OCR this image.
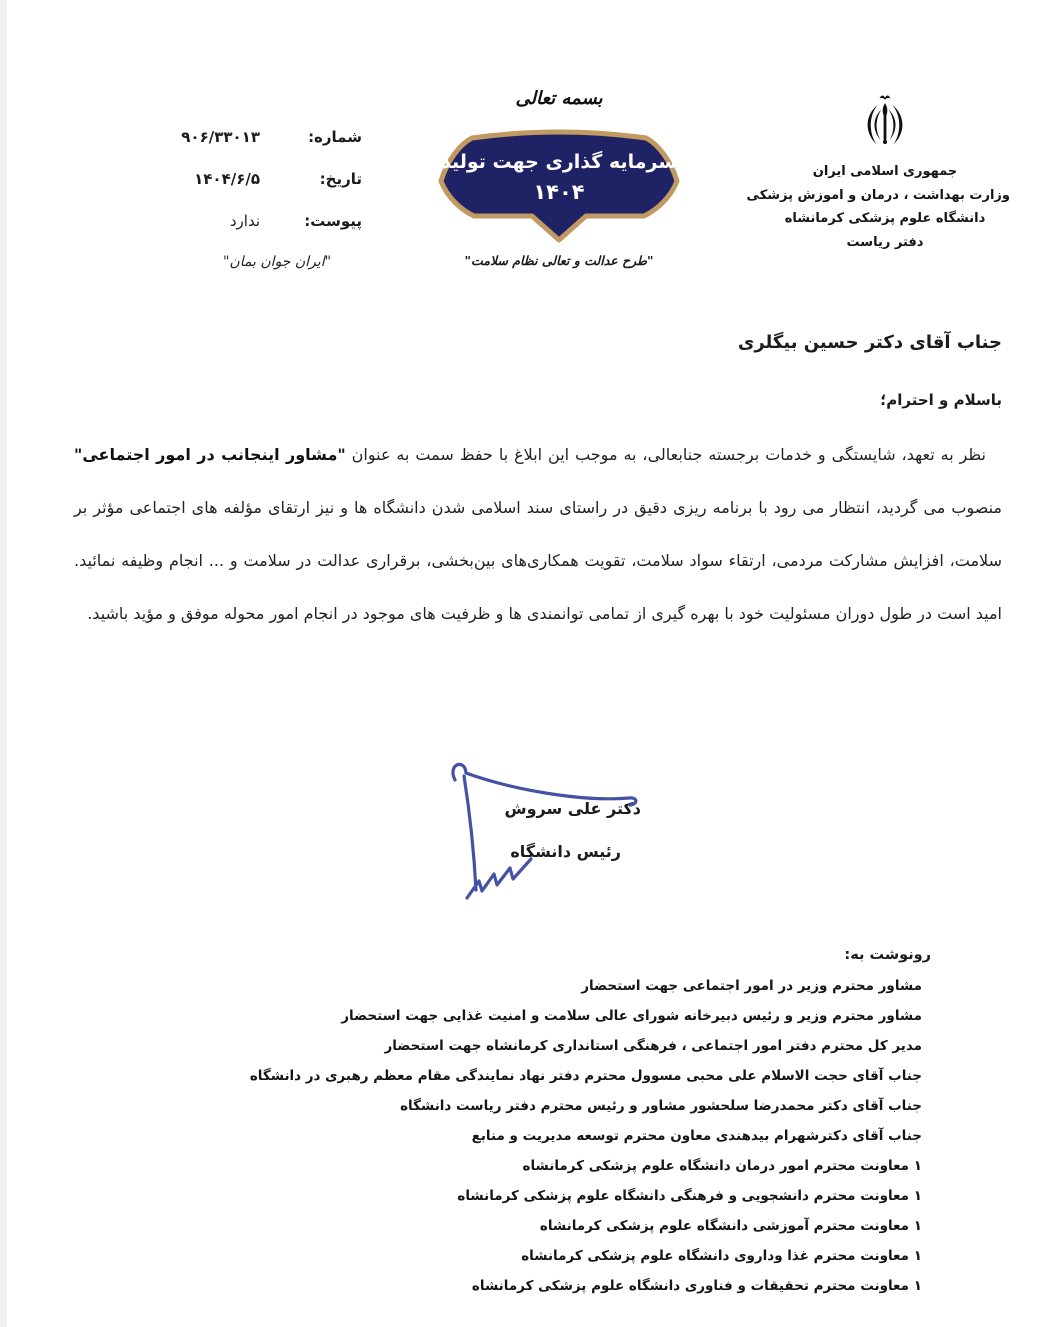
شماره:
۹۰۶/۳۳۰۱۳
تاریخ:
۱۴۰۴/۶/۵
پیوست:
ندارد
"ایران جوان بمان"
بسمه تعالی
سرمایه گذاری جهت تولید
۱۴۰۴
"طرح عدالت و تعالی نظام سلامت"
جمهوری اسلامی ایران
وزارت بهداشت ، درمان و اموزش پزشکی
دانشگاه علوم پزشکی کرمانشاه
دفتر ریاست
جناب آقای دکتر حسین بیگلری
باسلام و احترام؛
نظر به تعهد، شایستگی و خدمات برجسته جنابعالی، به موجب این ابلاغ با حفظ سمت به عنوان "مشاور اینجانب در امور اجتماعی"
منصوب می گردید، انتظار می رود با برنامه ریزی دقیق در راستای سند اسلامی شدن دانشگاه ها و نیز ارتقای مؤلفه های اجتماعی مؤثر بر
سلامت، افزایش مشارکت مردمی، ارتقاء سواد سلامت، تقویت همکاری‌های بین‌بخشی، برقراری عدالت در سلامت و ... انجام وظیفه نمائید.
امید است در طول دوران مسئولیت خود با بهره گیری از تمامی توانمندی ها و ظرفیت های موجود در انجام امور محوله موفق و مؤید باشید.
دکتر علی سروش
رئیس دانشگاه
رونوشت به:
مشاور محترم وزیر در امور اجتماعی جهت استحضار
مشاور محترم وزیر و رئیس دبیرخانه شورای عالی سلامت و امنیت غذایی جهت استحضار
مدیر کل محترم دفتر امور اجتماعی ، فرهنگی استانداری کرمانشاه جهت استحضار
جناب آقای حجت الاسلام علی محبی مسوول محترم دفتر نهاد نمایندگی مقام معظم رهبری در دانشگاه
جناب آقای دکتر محمدرضا سلحشور مشاور و رئیس محترم دفتر ریاست دانشگاه
جناب آقای دکترشهرام بیدهندی معاون محترم توسعه مدیریت و منابع
۱ معاونت محترم امور درمان دانشگاه علوم پزشکی کرمانشاه
۱ معاونت محترم دانشجویی و فرهنگی دانشگاه علوم پزشکی کرمانشاه
۱ معاونت محترم آموزشی دانشگاه علوم پزشکی کرمانشاه
۱ معاونت محترم غذا وداروی دانشگاه علوم پزشکی کرمانشاه
۱ معاونت محترم تحقیقات و فناوری دانشگاه علوم پزشکی کرمانشاه
